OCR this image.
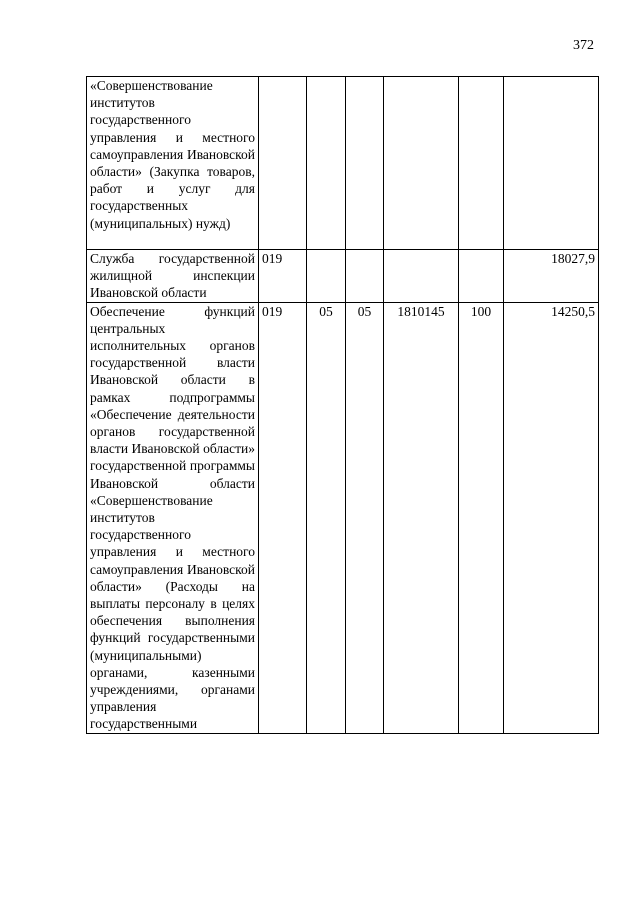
372
«Совершенствование институтов государственного управления и местного самоуправления Ивановской области» (Закупка товаров, работ и услуг для государственных (муниципальных) нужд)						
Служба государственной жилищной инспекции Ивановской области	019					18027,9
Обеспечение функций центральных исполнительных органов государственной власти Ивановской области в рамках подпрограммы «Обеспечение деятельности органов государственной власти Ивановской области» государственной программы Ивановской области «Совершенствование институтов государственного управления и местного самоуправления Ивановской области» (Расходы на выплаты персоналу в целях обеспечения выполнения функций государственными (муниципальными) органами, казенными учреждениями, органами управления государственными	019	05	05	1810145	100	14250,5
